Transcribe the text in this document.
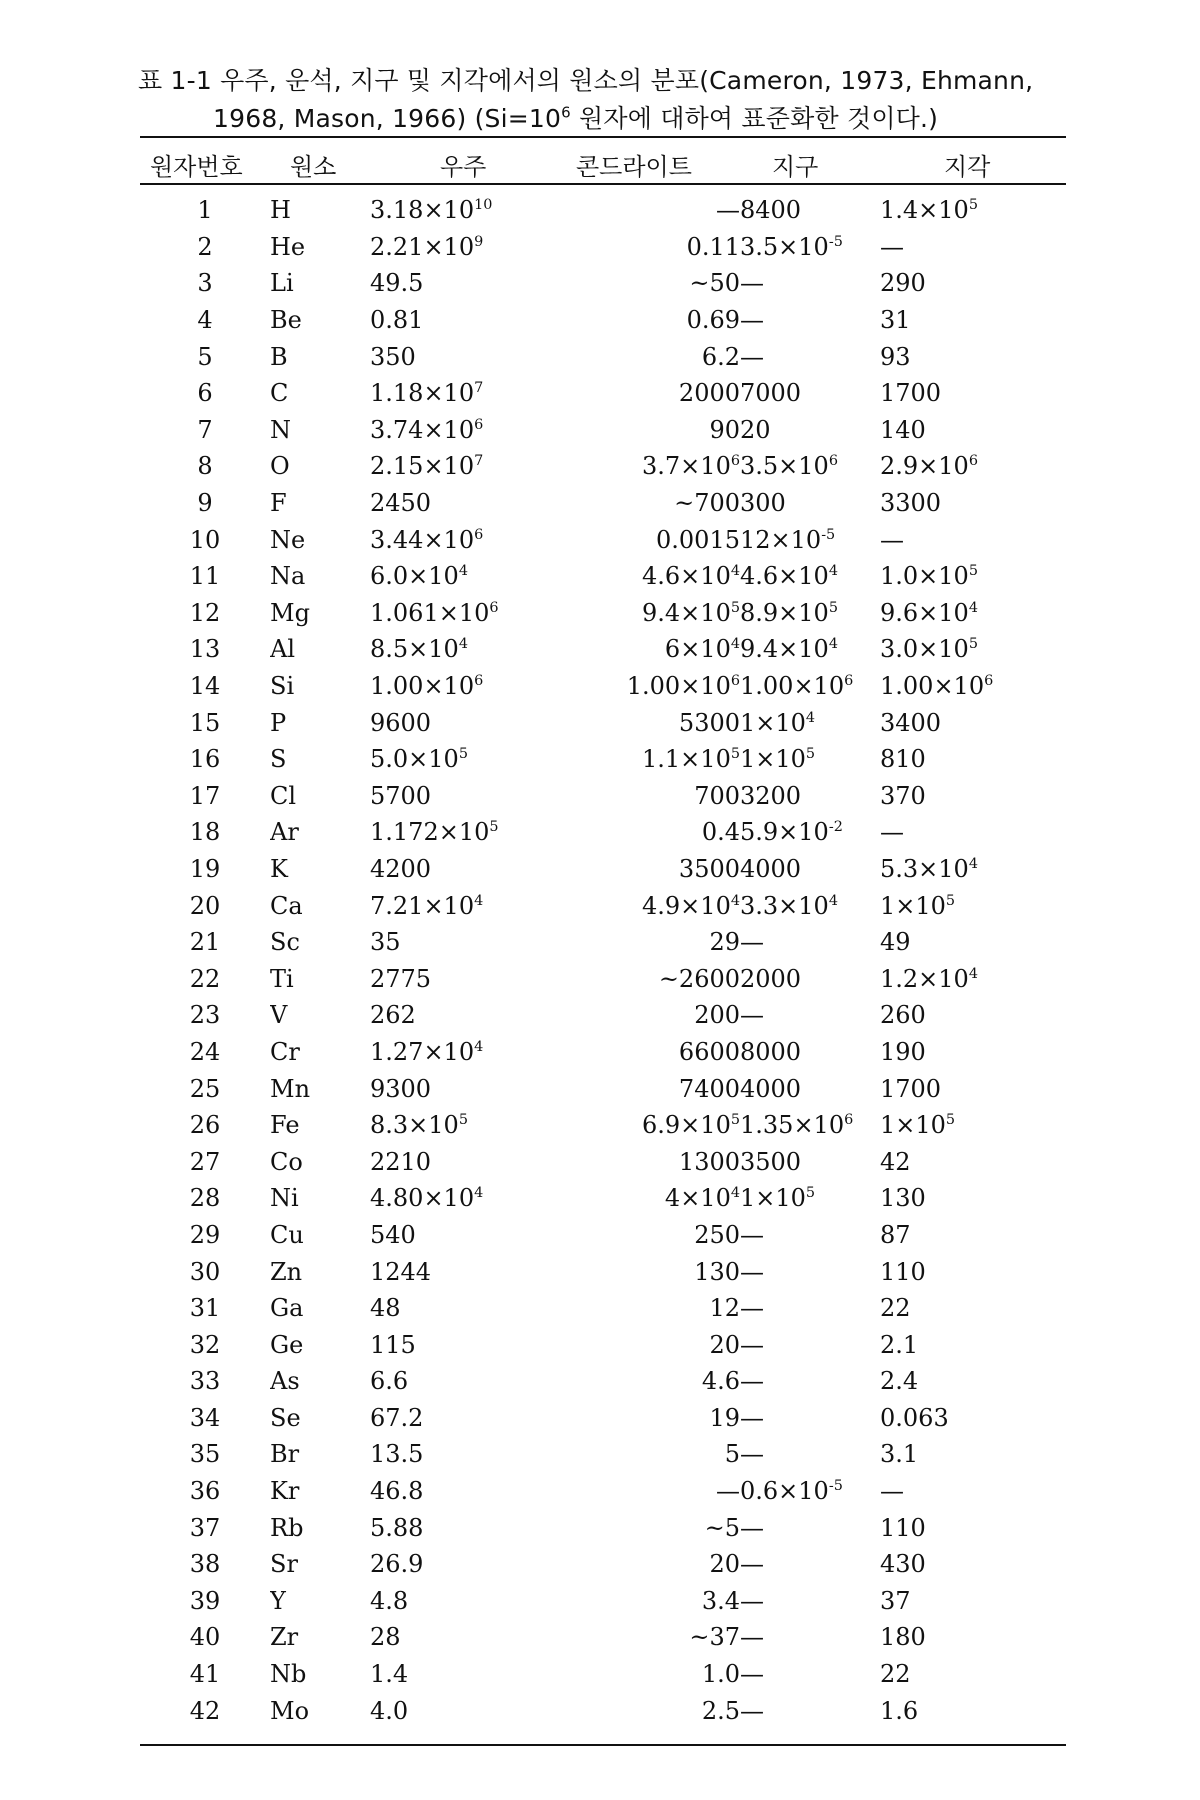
표 1-1 우주, 운석, 지구 및 지각에서의 원소의 분포(Cameron, 1973, Ehmann,
1968, Mason, 1966) ($Si=10^6$ 원자에 대하여 표준화한 것이다.)
원자번호 원소	우주	콘드라이트	지구	지각
1	H	$3.18\times 10^{10}$	—	8400	$1.4\times 10^5$
2	He	$2.21\times 10^9$	0.11	$3.5\times 10^{-5}$	—
3	Li	49.5	~50	—	290
4	Be	0.81	0.69	—	31
5	B	350	6.2	—	93
6	C	$1.18\times 10^7$	2000	7000	1700
7	N	$3.74\times 10^6$	90	20	140
8	O	$2.15\times 10^7$	$3.7\times 10^6$	$3.5\times 10^6$	$2.9\times 10^6$
9	F	2450	~700	300	3300
10	Ne	$3.44\times 10^6$	0.0015	$12\times 10^{-5}$	—
11	Na	$6.0\times 10^4$	$4.6\times 10^4$	$4.6\times 10^4$	$1.0\times 10^5$
12	Mg	$1.061\times 10^6$	$9.4\times 10^5$	$8.9\times 10^5$	$9.6\times 10^4$
13	Al	$8.5\times 10^4$	$6\times 10^4$	$9.4\times 10^4$	$3.0\times 10^5$
14	Si	$1.00\times 10^6$	$1.00\times 10^6$	$1.00\times 10^6$	$1.00\times 10^6$
15	P	9600	5300	$1\times 10^4$	3400
16	S	$5.0\times 10^5$	$1.1\times 10^5$	$1\times 10^5$	810
17	Cl	5700	700	3200	370
18	Ar	$1.172\times 10^5$	0.4	$5.9\times 10^{-2}$	—
19	K	4200	3500	4000	$5.3\times 10^4$
20	Ca	$7.21\times 10^4$	$4.9\times 10^4$	$3.3\times 10^4$	$1\times 10^5$
21	Sc	35	29	—	49
22	Ti	2775	~2600	2000	$1.2\times 10^4$
23	V	262	200	—	260
24	Cr	$1.27\times 10^4$	6600	8000	190
25	Mn	9300	7400	4000	1700
26	Fe	$8.3\times 10^5$	$6.9\times 10^5$	$1.35\times 10^6$	$1\times 10^5$
27	Co	2210	1300	3500	42
28	Ni	$4.80\times 10^4$	$4\times 10^4$	$1\times 10^5$	130
29	Cu	540	250	—	87
30	Zn	1244	130	—	110
31	Ga	48	12	—	22
32	Ge	115	20	—	2.1
33	As	6.6	4.6	—	2.4
34	Se	67.2	19	—	0.063
35	Br	13.5	5	—	3.1
36	Kr	46.8	—	$0.6\times 10^{-5}$	—
37	Rb	5.88	~5	—	110
38	Sr	26.9	20	—	430
39	Y	4.8	3.4	—	37
40	Zr	28	~37	—	180
41	Nb	1.4	1.0	—	22
42	Mo	4.0	2.5	—	1.6
